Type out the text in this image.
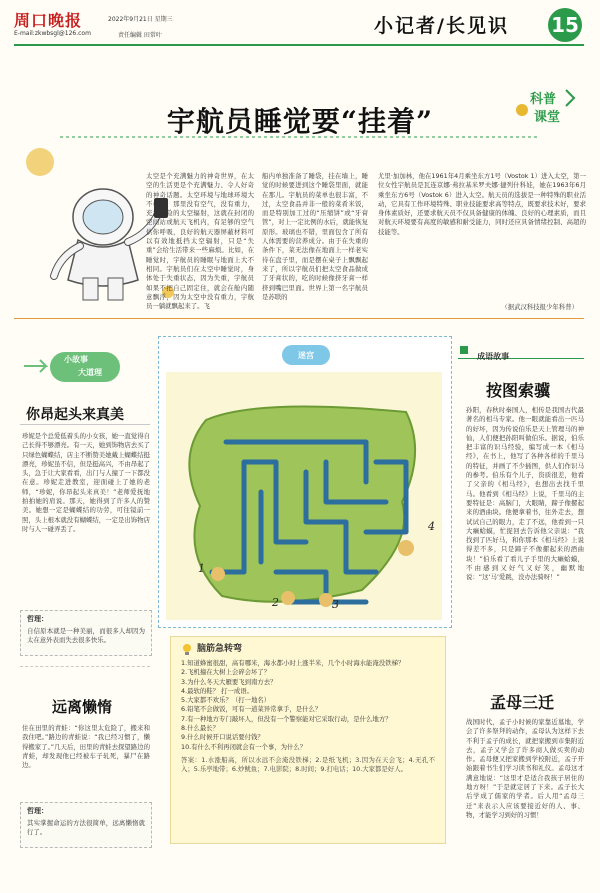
周口晚报	2022年9月21日 星期三
E-mail:zkwbsgl@126.com	责任编辑 田常叶	小记者/长见识 15
宇航员睡觉要“挂着”
科普
课堂
太空是个充满魅力的神奇世界，在太空的生活更是个充满魅力、令人好奇的神奇话题。太空环境与地球环境大不相同，那里没有空气，没有重力，充满危险的太空辐射，这就在封闭的空间站或航天飞机内，有足够的空气供你呼吸，良好的航天器屏蔽材料可以有效地抵挡太空辐射，只是“失重”会给生活带来一些麻烦。比如，在睡觉时，宇航员的睡眠与地面上大不相同。宇航员们在太空中睡觉时，身体处于失重状态，因为失重，宇航员如果不把自己固定住，就会在舱内随意飘浮，因为太空中没有重力，宇航员一躺就飘起来了。飞
船内单独准备了睡袋，挂在墙上，睡觉的时候要进到这个睡袋里面，就能在那儿。宇航员的菜单也很丰富，不过，太空食品并非一般的菜肴米饭，而是特别加工过的“压缩饼”或“牙膏管”，对上一定比例的水后，就能恢复原形。玻璃也不错，里面包含了所有人体需要的营养成分。由于在失重的条件下，菜无法像在地面上一样老实待在盘子里，而是摆在桌子上飘飘起来了，所以宇航员们把太空食品做成了牙膏状的，吃的时候像挤牙膏一样挤到嘴巴里面。世界上第一名宇航员是苏联的
尤里·加加林，他在1961年4月乘坐东方1号（Vostok 1）进入太空，第一位女性宇航员是瓦连京娜·弗拉基米罗夫娜·捷列什科娃，她在1963年6月乘坐东方6号（Vostok 6）进入太空。航天员的选拔是一种特殊的职业活动，它具有工作环境特殊、职业技能要求高等特点，既要求技术好，要求身体素质好，还要求航天员不仅具备健康的体魄、良好的心理素质，而且对航天环境要有高度的敏感和耐受能力，同时还应具备情绪控制、高超的技能等。
（据武汉科技报少年科普）
小故事
大道理
你昂起头来真美
珍妮是个总爱低着头的小女孩，她一直觉得自己长得不够漂亮。有一天，她到饰物店去买了只绿色蝴蝶结，店主不断赞美她戴上蝴蝶结挺漂亮，珍妮虽不信，但是挺高兴，不由昂起了头，急于让大家看看，出门与人撞了一下都没在意。珍妮走进教室，迎面碰上了她的老师，“珍妮，你昂起头来真美！”老师爱抚地拍拍她的肩说。那天，她得到了许多人的赞美。她想一定是蝴蝶结的功劳，可往镜前一照，头上根本就没有蝴蝶结，一定是出饰物店时与人一碰弄丢了。
哲理：
自信原本就是一种美丽，而很多人却因为太在意外表而失去很多快乐。
远离懒惰
住在田里的青蛙：“你这里太危险了，搬来和我住吧。”路边的青蛙说：“我已经习惯了，懒得搬家了。”几天后，田里的青蛙去探望路边的青蛙，却发现他已经被车子轧死，暴尸在路边。
哲理：
其实掌握命运的方法很简单，远离懒惰就行了。
迷宫
1
2	3
4
脑筋急转弯
1.知道蜂蜜很甜，高有哪米，海水都小时上涨半米，几个小时海水能淹没铁梯？
2.飞机撞在大树上会碎会坏了？
3.为什么冬天大雁要飞到南方去？
4.最软的鞋？ 打一成语。
5.大家都不欢乐？（打一地名）
6.铅笔不会做饭，可有一道菜异常拿手，是什么？
7.有一种地方专门敲坏人，但没有一个警察能对它采取行动，是什么地方？
8.什么最长？
9.什么时候开口说话要付钱？
10.有什么不利再闭就会有一个事，为什么？
答案：1.水涨船高，所以水远不会淹没铁梯；2.是纸飞机；3.因为在天会飞；4.无孔不入；5.乐亭地带；6.炒鱿鱼；7.电影院；8.时间；9.打电话；10.大家都是好人。
成语故事
按图索骥
孙阳，春秋时秦国人，相传是我国古代最著名的相马专家。他一眼就能看出一匹马的好坏，因为传说伯乐是天上管理马的神仙，人们便把孙阳叫做伯乐。据说，伯乐把丰富的识马经验，编写成一本《相马经》，在书上，他写了各种各样的千里马的特征，并画了不少插图，供人们作识马的参考。伯乐有个儿子，资质很差，他看了父亲的《相马经》，也想出去找千里马。他看到《相马经》上说，千里马的主要特征是：高脑门，大眼睛，蹄子像摞起来的酒曲块。他便拿着书，往外走去，想试试自己的眼力，走了不远，他看到一只大癞蛤蟆，忙捉回去告诉他父亲说：“我找到了匹好马，和你那本《相马经》上说得差不多，只是蹄子不像摞起来的酒曲块！”伯乐看了看儿子手里的大癞蛤蟆，不由感到又好气又好笑，幽默地说：“这‘马’爱跳，没办法骑呀！”
孟母三迁
战国时代，孟子小时候的家靠近墓地，学会了许多祭拜的动作，孟母认为这样下去不利于孟子的成长，就把家搬到市集附近去，孟子又学会了许多商人做买卖的动作。孟母便又把家搬到学校附近，孟子开始跟着书生们学习读书和礼仪。孟母这才满意地说：“这里才是适合我孩子居住的地方呀！”于是就定居了下来。孟子长大后学成了儒家的学者。后人用“孟母三迁”来表示人应该要接近好的人、事、物，才能学习到好的习惯！
